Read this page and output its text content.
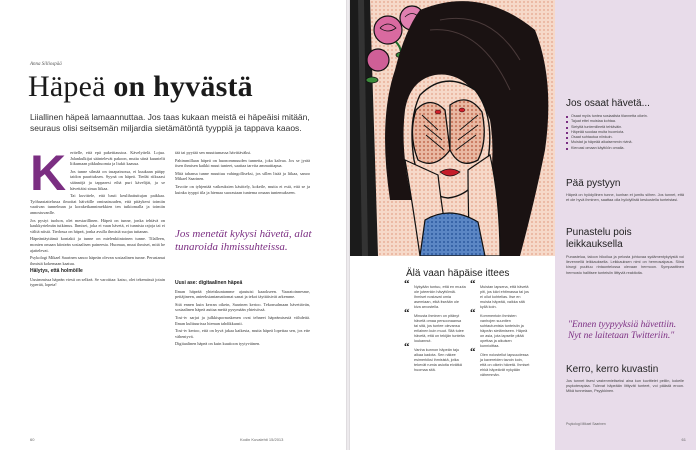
Anna Silliospää
Häpeä on hyvästä
Liiallinen häpeä lamaannuttaa. Jos taas kukaan meistä ei häpeäisi mitään, seuraus olisi seitsemän miljardia sietämätöntä tyyppiä ja tappava kaaos.
K eritelle, että epä pakettiaustoa. Kävelyttelä. Lojua. Jalankulkijat sääntelevät pakoon, mutta siinä kuuntelit liikumaan pikkuhuomia ja liukit kaasua.

Jos tunne silmää on tasapainossa, ei kuukaan pääpy taidon paarituksen. Syynä on häpeä. Tiedät riiksaasi säännöjä ja tapparesi eihä puri kävelijät, ja se hävettäisi sinua liikaa.

Tai kuvittele, että basti keulihattuttujan paikkaa. Työhaastattelussa ilmoitat häiväille ominaisuuden, että pitäykeni toimiin vaativan tunnelman ja koraketkannimekkien ten tutkiomalla ja toimiin annostuvanlle.

Jos pystyt tuohon, olet mestarillinen. Häpeä on tunne, jonka tehtävä on kaukkyrtelmän tutkimus. Ihmiset, joka ei vaan hävetä, ei tunnista rajoja tai ei välitä niistä. Tiedossa on häpeä, jonka avulla ihmisiä suojaa tuttanan.

Häpeäntäyttämä kontakti ja tunne on mielenkiintoinen tunne. Tilalleen, monien omaan kiinteän sosiaalisen paineesta. Huomaa, muut ihmiset, mitä he ajattelevat.

Psykologi Mikael Saarinen sanoo häpeän olevan sosiaalinen tunne. Perustanut ihmistä kokemaan kaatuu.

Hälytys, että holmöille

Uusimmissa häpeän viesti on selkeä. Se varoittaa: katso, olet tekemässä jotain typerää, lopeta!

tää tai pyytää sen muuttumassa hävittäväksi.

Pahimmillaan häpeä on huonommuuden tunnetta, joka kalvaa. Jos se jyrää itsen ihmisen kaikki muut tunteet, saattaa tarvita ammattiapua.

Mitä tahansa tunne muuttuu vahingolliseksi, jos sillen lisää ja liikaa, sanoo Mikael Saarinen.

Tavoite on tyhjentää vaikeuksien käsittely, kokeile, mutta ei estä, että se ja kuinka tyyppi tila ja hiemaa suorastaan tuntema omaan tuntemukseen.

Jos menetät kykysi hävetä, alat tunaroida ihmissuhteissa.
Uusi ase: digitaalinen häpeä

Ilman häpeää yhteiskuntamme ajautuisi kaaokseen. Vaaratoinnesme, pettäjineen, anteeksiantamattomat sanat ja tekot täyttäisivät arkemme.

Sitä ennen kuin kerran oikein, Saarinen kertoo. Tekonsalmaan hävettävän, sosiaalinen häpeä auttaa meitä pysymään yhteisössä.

Tosi-tv sarjat ja julkkispornaskenen ovat tehneet häpeämisestä viihdettä. Ilman kulttuurissa hieman tahdikkaasti.

Tosi-tv kertoo, että on hyvä jakaa kaikesta, mutta häpeä lopettaa sen, jos ette vähentyvä.

Digitaalinen häpeä on kuin kuutioon tyytyväinen.

60	Kodin Kuvalehti 15/2013
Älä vaan häpäise ittees
“ Nykyään tuntuu, että en muuta ole juteenkin hävyttömiä. Ihmiset nostavat omia asemiaan, eikä itseään ole kiva arvostella.
“ Minusta ihminen on pitänyt hävetä omaa persoonaansa tai sitä, jos tuntee olevansa erilainen kuin muut. Sitä tulee hävetä, että on tekijän tunteita loukannut.
“ Vanha kunnon häpeän taju alkaa kadota. Sen näkee esimerkiksi ihmisistä, jotka tekevät rumia asioita eivätkä huomaa sitä.
“ Muistan lapsena, että hävetä piti, jos kävi ehtimassa tai jos ei ollut kohtelias. Itse en muista häpeää, vaikka sitä kyllä koin.
“ Kommentoin ihmisten vanhojen suuntien suhtautumista tunteisiin ja häpeän sietämiseen. Häpeä on asia, jota lapselle pitää opettaa ja aikuisen kunnioittaa.
“ Olen nolostellut lapsuudessa ja kavereiden tavoin koin, että on oikein hävetä. Ihmiset ehkä häpeävät nykyään vähemmän.
Jos osaat hävetä...
Osaat myös tuntea sosiaalista tilannetta oikein.
Tajuat ettei muistaa kohtaa.
Sietyttä tuntemilleetä tehtäväin.
Häpeää suodaa muita huomiota.
Osaat suhtautua niinkuin.
Muistat ja häpeää aikaisemmin rivinä.
Kieroasi omaan käyttöön omalla.
Pää pystyyn
Häpeä on hyödyllinen tunne, kunhan et jumitu siihen. Jos tunnet, että et ole hyvä ihminen, saattaa olla hyödyllistä keskustella tunteistasi.
Punastelu pois leikkauksella
Punastelua, taloon hikoilua ja pelosta johtuvaa sydämentykytystä voi lievennellä leikkauksella. Leikkauksen nimi on hermosalpaus. Siinä kirurgi puuttuu rintaontelossa olevaan hermoon. Sympaattinen hermosto hallitsee tunteisiin liittyviä reaktioita.
"Ennen tyypyyksiä hävettiin. Nyt ne laitetaan Twitteriin."
Kerro, kerro kuvastin
Jos tunnet itsesi vastenmieliseksi aina kun kuvittelet peiliin, kokeile psykoterapiaa. Tulevat häpeään liittyvät tunteet, voi päästä eroon. Mikä tunnetaan, Psyykkinen.
Psykologi Mikael Saarinen
61
